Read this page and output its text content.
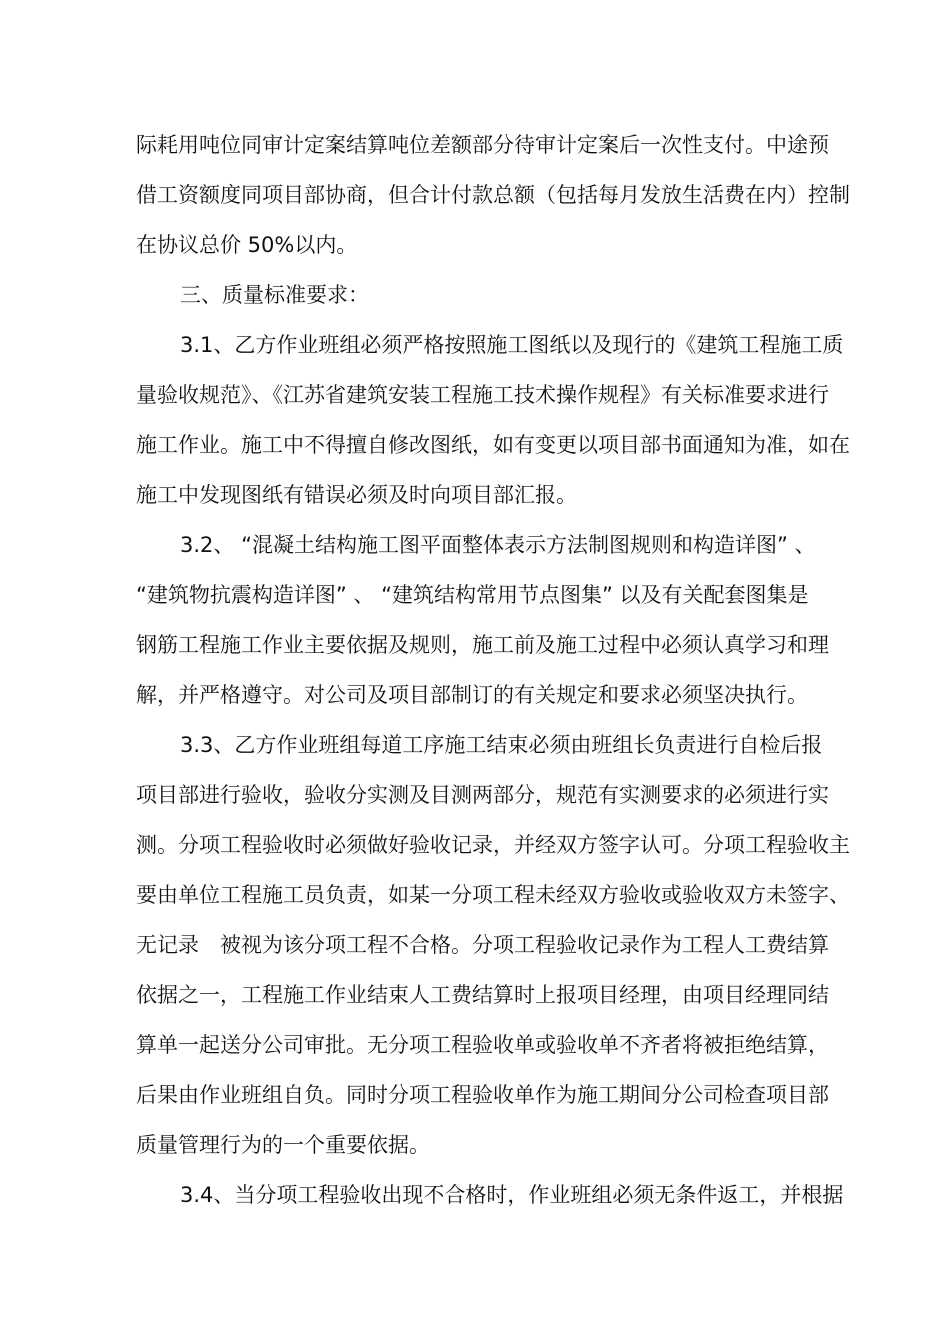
际耗用吨位同审计定案结算吨位差额部分待审计定案后一次性支付。中途预
借工资额度同项目部协商，但合计付款总额（包括每月发放生活费在内）控制
在协议总价 50%以内。
三、质量标准要求：
3.1、乙方作业班组必须严格按照施工图纸以及现行的《建筑工程施工质
量验收规范》、《江苏省建筑安装工程施工技术操作规程》有关标准要求进行
施工作业。施工中不得擅自修改图纸，如有变更以项目部书面通知为准，如在
施工中发现图纸有错误必须及时向项目部汇报。
3.2、 “混凝土结构施工图平面整体表示方法制图规则和构造详图” 、
“建筑物抗震构造详图” 、 “建筑结构常用节点图集” 以及有关配套图集是
钢筋工程施工作业主要依据及规则，施工前及施工过程中必须认真学习和理
解，并严格遵守。对公司及项目部制订的有关规定和要求必须坚决执行。
3.3、乙方作业班组每道工序施工结束必须由班组长负责进行自检后报
项目部进行验收，验收分实测及目测两部分，规范有实测要求的必须进行实
测。分项工程验收时必须做好验收记录，并经双方签字认可。分项工程验收主
要由单位工程施工员负责，如某一分项工程未经双方验收或验收双方未签字、
无记录　被视为该分项工程不合格。分项工程验收记录作为工程人工费结算
依据之一，工程施工作业结束人工费结算时上报项目经理，由项目经理同结
算单一起送分公司审批。无分项工程验收单或验收单不齐者将被拒绝结算，
后果由作业班组自负。同时分项工程验收单作为施工期间分公司检查项目部
质量管理行为的一个重要依据。
3.4、当分项工程验收出现不合格时，作业班组必须无条件返工，并根据
